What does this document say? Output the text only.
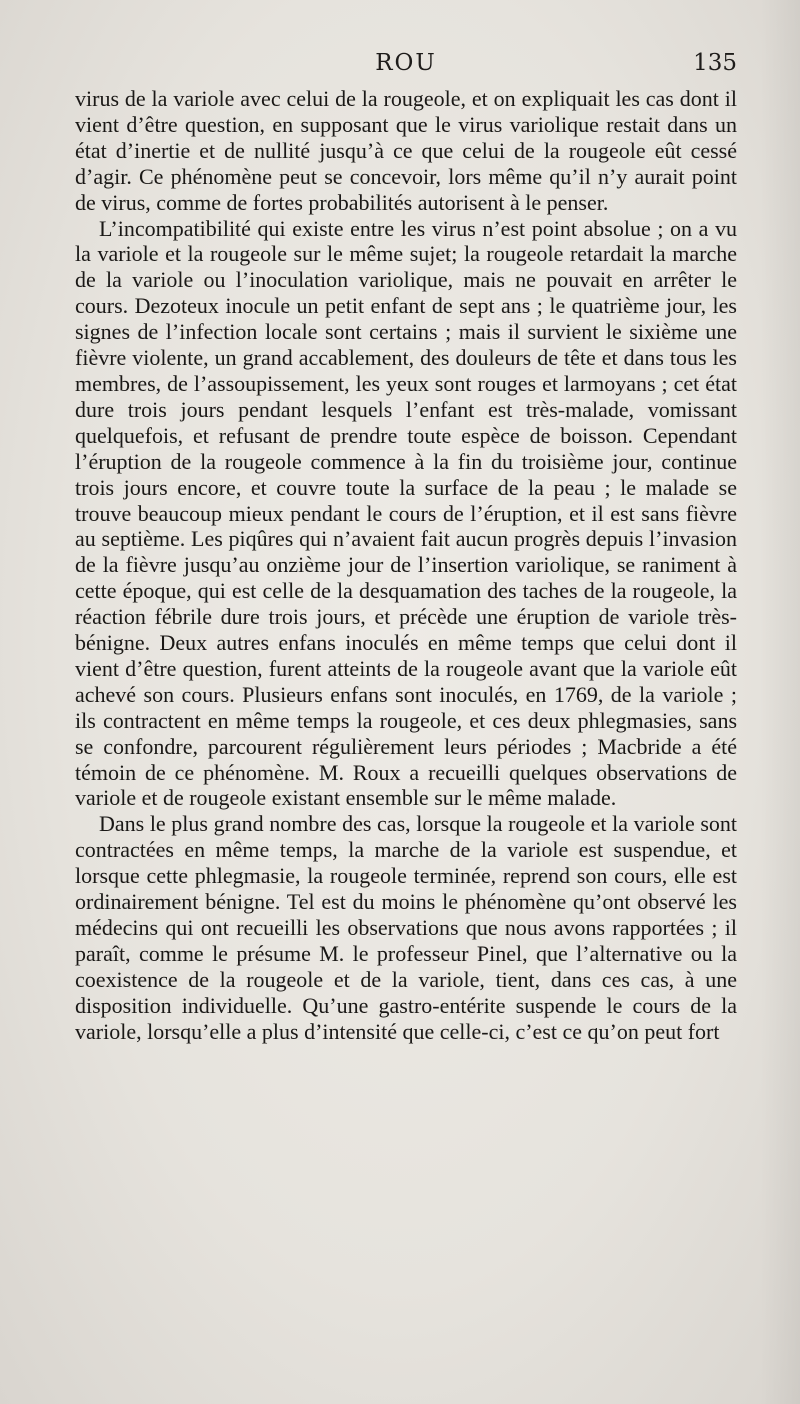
ROU	135

virus de la variole avec celui de la rougeole, et on expliquait les cas dont il vient d’être question, en supposant que le virus variolique restait dans un état d’inertie et de nullité jusqu’à ce que celui de la rougeole eût cessé d’agir. Ce phénomène peut se concevoir, lors même qu’il n’y aurait point de virus, comme de fortes probabilités autorisent à le penser.

L’incompatibilité qui existe entre les virus n’est point absolue ; on a vu la variole et la rougeole sur le même sujet; la rougeole retardait la marche de la variole ou l’inoculation variolique, mais ne pouvait en arrêter le cours. Dezoteux inocule un petit enfant de sept ans ; le quatrième jour, les signes de l’infection locale sont certains ; mais il survient le sixième une fièvre violente, un grand accablement, des douleurs de tête et dans tous les membres, de l’assoupissement, les yeux sont rouges et larmoyans ; cet état dure trois jours pendant lesquels l’enfant est très-malade, vomissant quelquefois, et refusant de prendre toute espèce de boisson. Cependant l’éruption de la rougeole commence à la fin du troisième jour, continue trois jours encore, et couvre toute la surface de la peau ; le malade se trouve beaucoup mieux pendant le cours de l’éruption, et il est sans fièvre au septième. Les piqûres qui n’avaient fait aucun progrès depuis l’invasion de la fièvre jusqu’au onzième jour de l’insertion variolique, se raniment à cette époque, qui est celle de la desquamation des taches de la rougeole, la réaction fébrile dure trois jours, et précède une éruption de variole très-bénigne. Deux autres enfans inoculés en même temps que celui dont il vient d’être question, furent atteints de la rougeole avant que la variole eût achevé son cours. Plusieurs enfans sont inoculés, en 1769, de la variole ; ils contractent en même temps la rougeole, et ces deux phlegmasies, sans se confondre, parcourent régulièrement leurs périodes ; Macbride a été témoin de ce phénomène. M. Roux a recueilli quelques observations de variole et de rougeole existant ensemble sur le même malade.

Dans le plus grand nombre des cas, lorsque la rougeole et la variole sont contractées en même temps, la marche de la variole est suspendue, et lorsque cette phlegmasie, la rougeole terminée, reprend son cours, elle est ordinairement bénigne. Tel est du moins le phénomène qu’ont observé les médecins qui ont recueilli les observations que nous avons rapportées ; il paraît, comme le présume M. le professeur Pinel, que l’alternative ou la coexistence de la rougeole et de la variole, tient, dans ces cas, à une disposition individuelle. Qu’une gastro-entérite suspende le cours de la variole, lorsqu’elle a plus d’intensité que celle-ci, c’est ce qu’on peut fort
